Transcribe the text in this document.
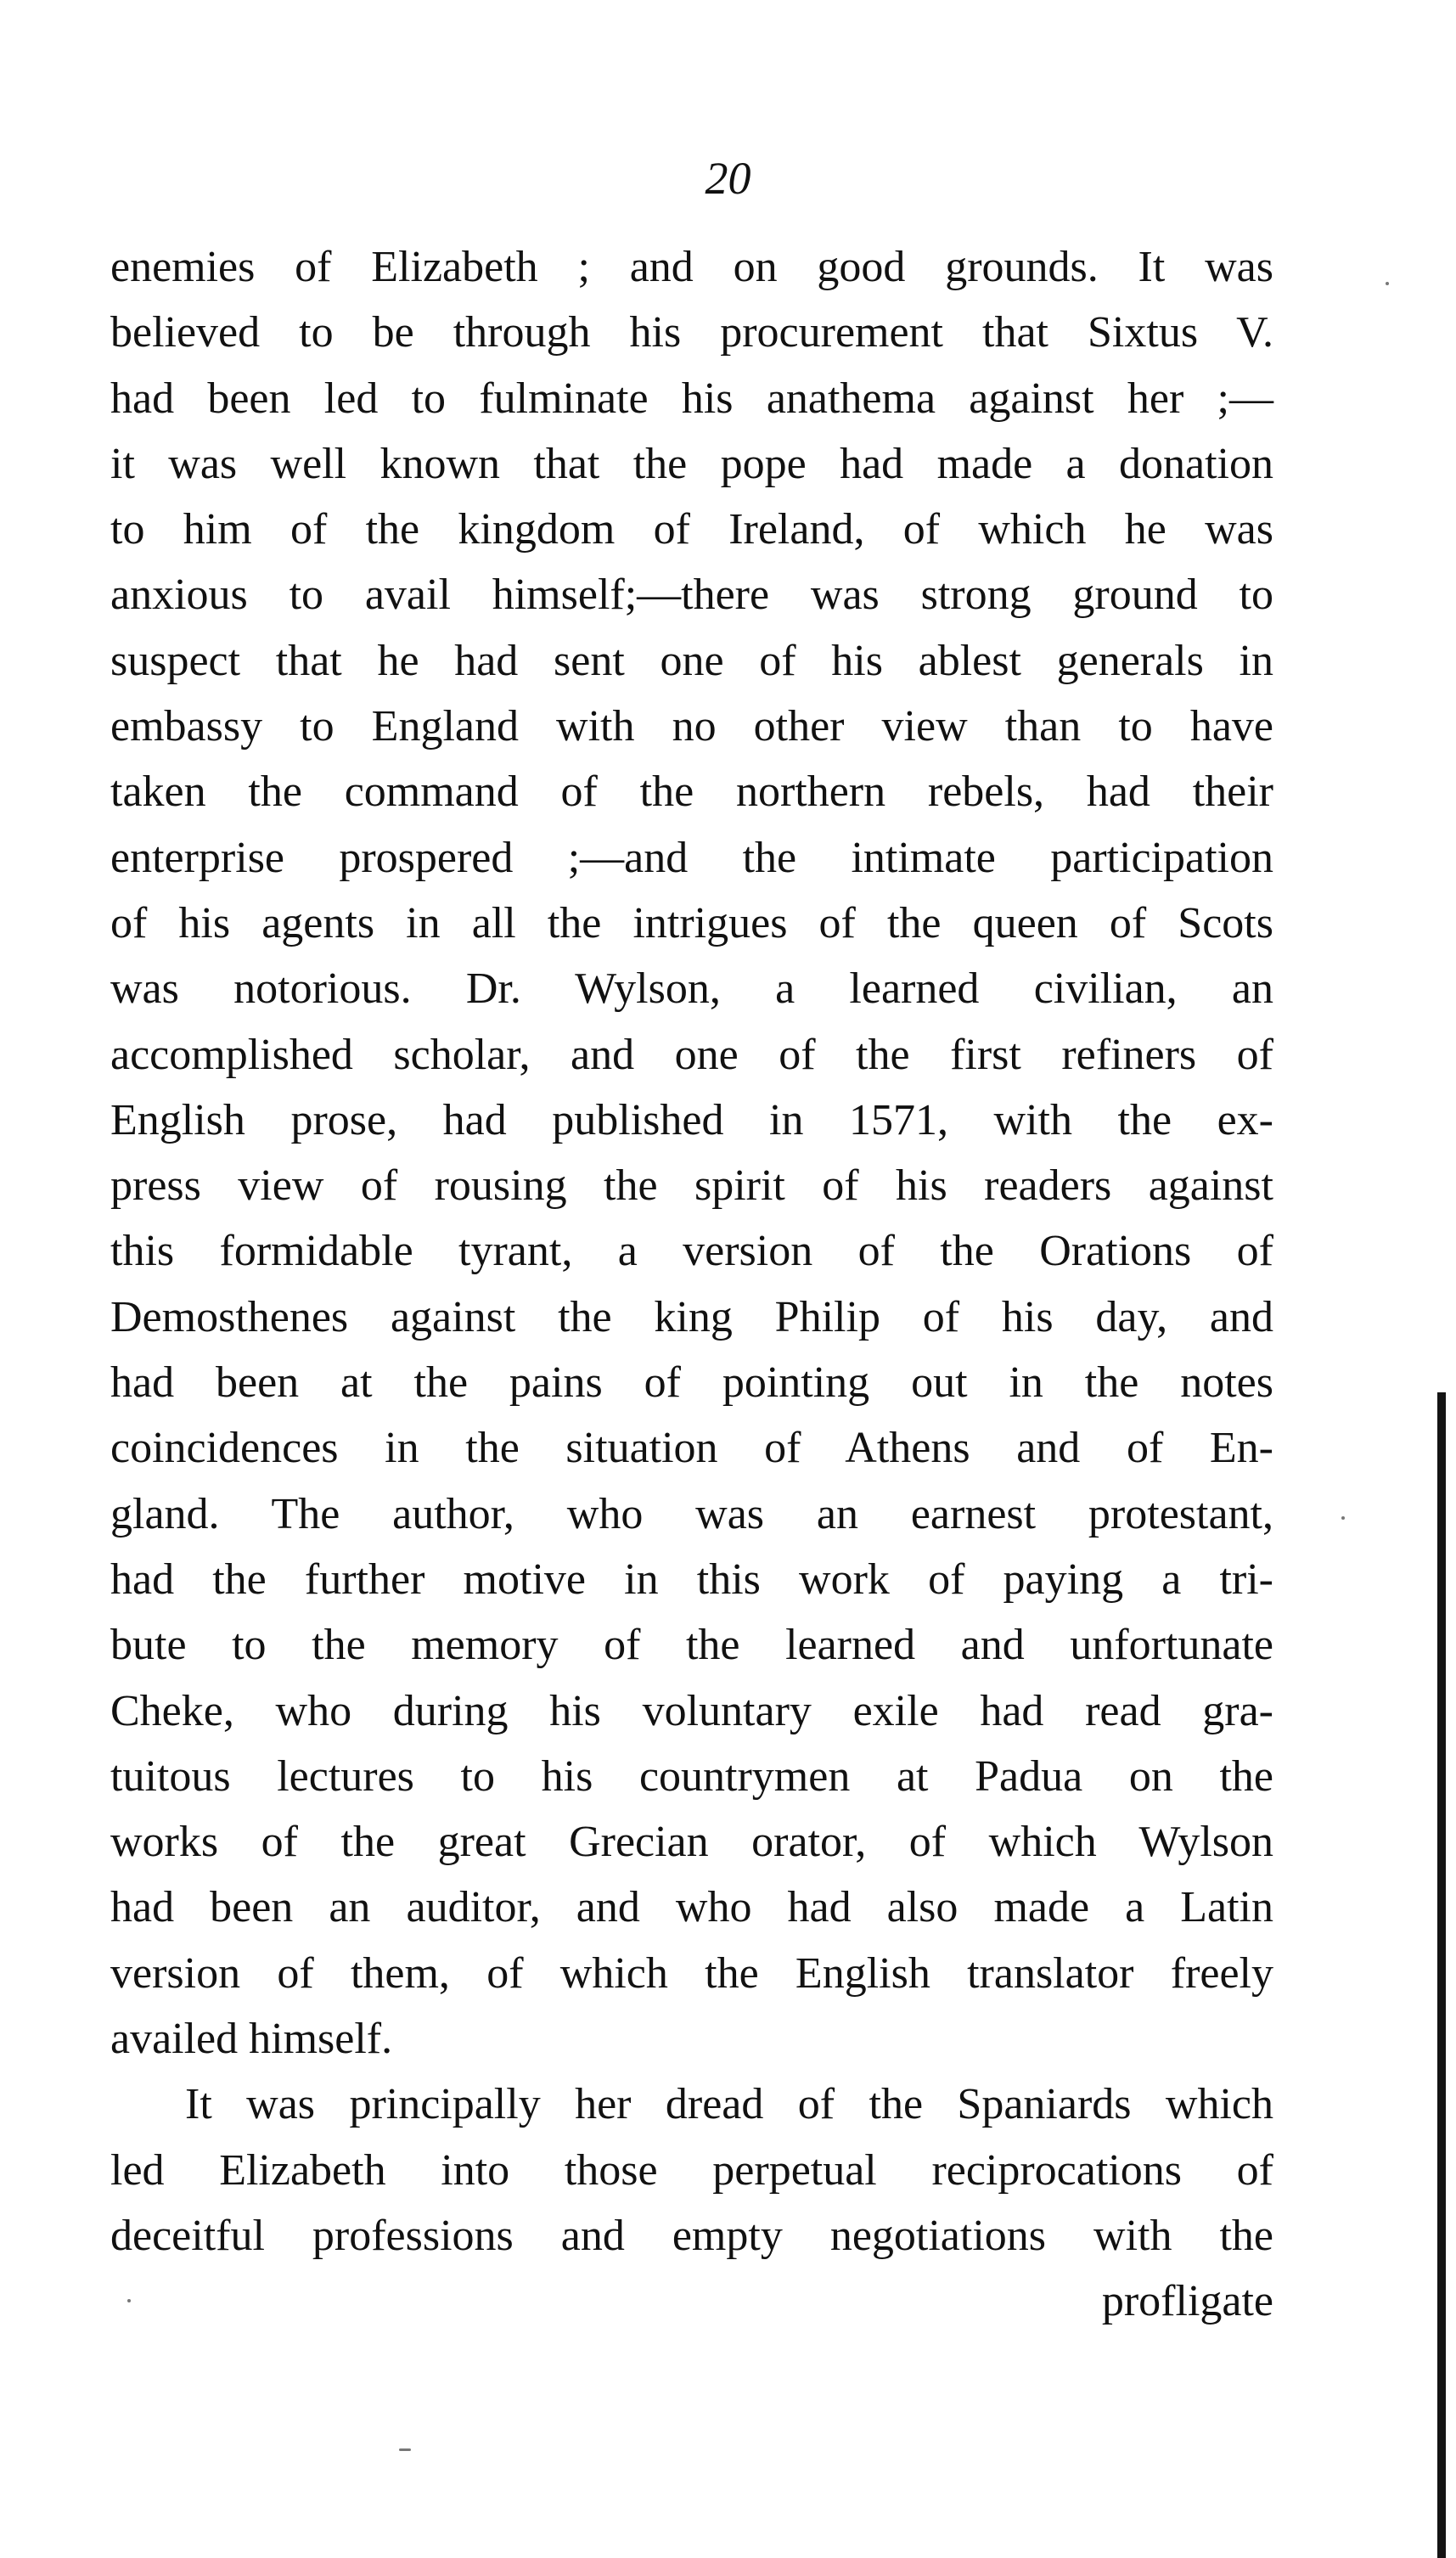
20
enemies of Elizabeth ; and on good grounds. It was
believed to be through his procurement that Sixtus V.
had been led to fulminate his anathema against her ;—
it was well known that the pope had made a donation
to him of the kingdom of Ireland, of which he was
anxious to avail himself;—there was strong ground to
suspect that he had sent one of his ablest generals in
embassy to England with no other view than to have
taken the command of the northern rebels, had their
enterprise prospered ;—and the intimate participation
of his agents in all the intrigues of the queen of Scots
was notorious. Dr. Wylson, a learned civilian, an
accomplished scholar, and one of the first refiners of
English prose, had published in 1571, with the ex-
press view of rousing the spirit of his readers against
this formidable tyrant, a version of the Orations of
Demosthenes against the king Philip of his day, and
had been at the pains of pointing out in the notes
coincidences in the situation of Athens and of En-
gland. The author, who was an earnest protestant,
had the further motive in this work of paying a tri-
bute to the memory of the learned and unfortunate
Cheke, who during his voluntary exile had read gra-
tuitous lectures to his countrymen at Padua on the
works of the great Grecian orator, of which Wylson
had been an auditor, and who had also made a Latin
version of them, of which the English translator freely
availed himself.
It was principally her dread of the Spaniards which
led Elizabeth into those perpetual reciprocations of
deceitful professions and empty negotiations with the
profligate
